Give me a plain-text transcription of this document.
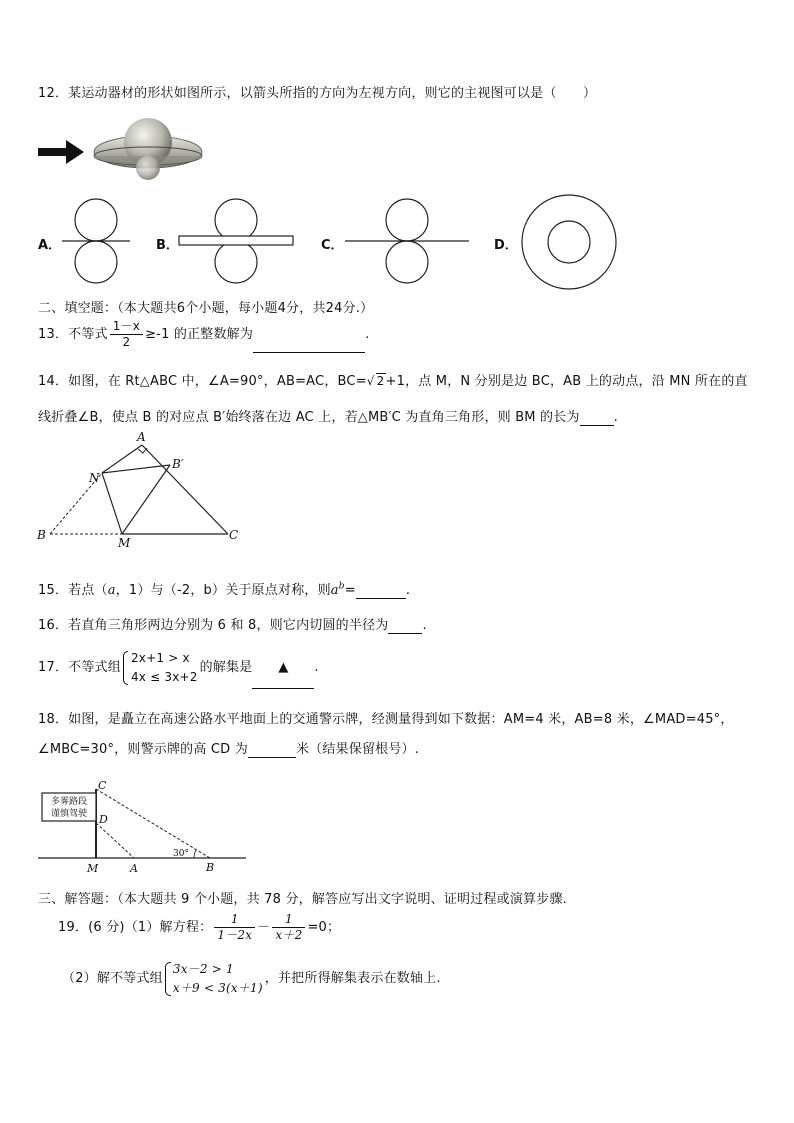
12．某运动器材的形状如图所示，以箭头所指的方向为左视方向，则它的主视图可以是（　　）
A．	B．	C．	D．
二、填空题：（本大题共6个小题，每小题4分，共24分.）
13．不等式 $\frac{1-x}{2} \ge-1$ 的正整数解为	.
14．如图，在 Rt△ABC 中，∠A=90°，AB=AC，BC=√ 2+1，点 M，N 分别是边 BC，AB 上的动点，沿 MN 所在的直
线折叠∠B，使点 B 的对应点 B′始终落在边 AC 上，若△MB′C 为直角三角形，则 BM 的长为	.
A
B′
N
B
M
C
15．若点（a，1）与（-2，b）关于原点对称，则$a^b=$	.
16．若直角三角形两边分别为 6 和 8，则它内切圆的半径为	.
17．不等式组
2x+1 > x
4x ≤ 3x+2
的解集是 ▲ .
18．如图，是矗立在高速公路水平地面上的交通警示牌，经测量得到如下数据：AM=4 米，AB=8 米，∠MAD=45°，
∠MBC=30°，则警示牌的高 CD 为	米（结果保留根号）.
多雾路段
谨慎驾驶
C
D
M	A	B
30°
三、解答题：（本大题共 9 个小题，共 78 分，解答应写出文字说明、证明过程或演算步骤.
19．(6 分)（1）解方程： $\frac{1}{1-2x} - \frac{1}{x+2} =0$；
（2）解不等式组
3x－2 > 1
x＋9 < 3(x＋1)
，并把所得解集表示在数轴上.
